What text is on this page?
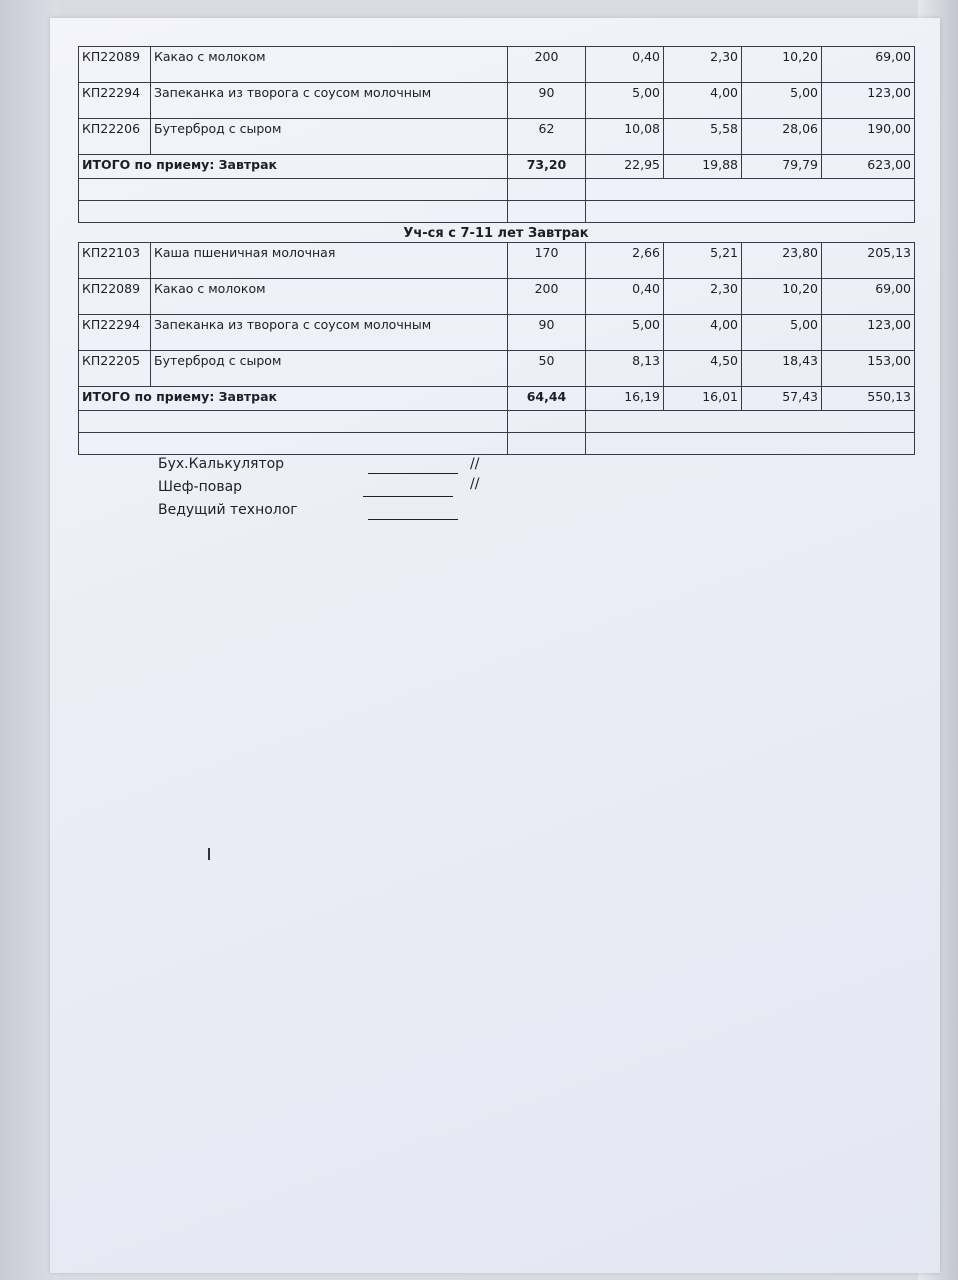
КП22089	Какао с молоком	200	0,40	2,30	10,20	69,00
КП22294	Запеканка из творога с соусом молочным	90	5,00	4,00	5,00	123,00
КП22206	Бутерброд с сыром	62	10,08	5,58	28,06	190,00
ИТОГО по приему: Завтрак		73,20	22,95	19,88	79,79	623,00

Уч-ся с 7-11 лет Завтрак
КП22103	Каша пшеничная молочная	170	2,66	5,21	23,80	205,13
КП22089	Какао с молоком	200	0,40	2,30	10,20	69,00
КП22294	Запеканка из творога с соусом молочным	90	5,00	4,00	5,00	123,00
КП22205	Бутерброд с сыром	50	8,13	4,50	18,43	153,00
ИТОГО по приему: Завтрак		64,44	16,19	16,01	57,43	550,13

Бух.Калькулятор	//
Шеф-повар	//
Ведущий технолог
